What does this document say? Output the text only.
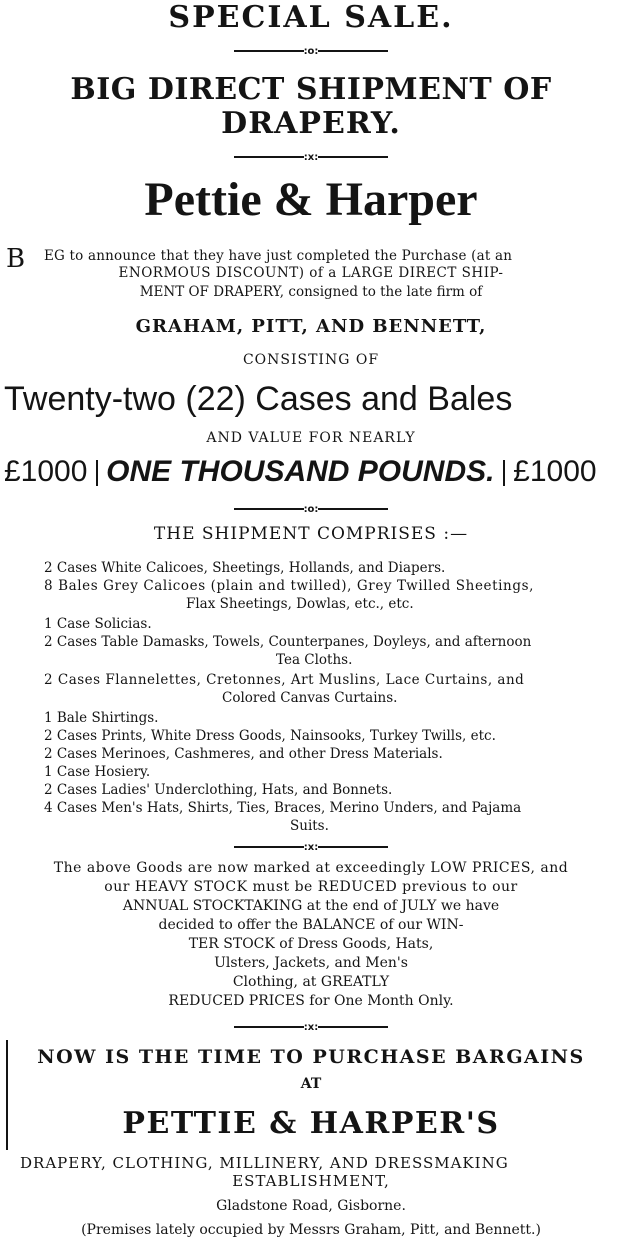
SPECIAL SALE.
:o:
BIG DIRECT SHIPMENT OF
DRAPERY.
:x:
Pettie & Harper
B EG to announce that they have just completed the Purchase (at an
ENORMOUS DISCOUNT) of a LARGE DIRECT SHIP-
MENT OF DRAPERY, consigned to the late firm of
GRAHAM, PITT, AND BENNETT,
CONSISTING OF
Twenty-two (22) Cases and Bales
AND VALUE FOR NEARLY
£1000 ONE THOUSAND POUNDS. £1000
:o:
THE SHIPMENT COMPRISES :—
2 Cases White Calicoes, Sheetings, Hollands, and Diapers.
8 Bales Grey Calicoes (plain and twilled), Grey Twilled Sheetings,
Flax Sheetings, Dowlas, etc., etc.
1 Case Solicias.
2 Cases Table Damasks, Towels, Counterpanes, Doyleys, and afternoon
Tea Cloths.
2 Cases Flannelettes, Cretonnes, Art Muslins, Lace Curtains, and
Colored Canvas Curtains.
1 Bale Shirtings.
2 Cases Prints, White Dress Goods, Nainsooks, Turkey Twills, etc.
2 Cases Merinoes, Cashmeres, and other Dress Materials.
1 Case Hosiery.
2 Cases Ladies' Underclothing, Hats, and Bonnets.
4 Cases Men's Hats, Shirts, Ties, Braces, Merino Unders, and Pajama
Suits.
:x:
The above Goods are now marked at exceedingly LOW PRICES, and
our HEAVY STOCK must be REDUCED previous to our
ANNUAL STOCKTAKING at the end of JULY we have
decided to offer the BALANCE of our WIN-
TER STOCK of Dress Goods, Hats,
Ulsters, Jackets, and Men's
Clothing, at GREATLY
REDUCED PRICES for One Month Only.
:x:
NOW IS THE TIME TO PURCHASE BARGAINS
AT
PETTIE & HARPER'S
DRAPERY, CLOTHING, MILLINERY, AND DRESSMAKING
ESTABLISHMENT,
Gladstone Road, Gisborne.
(Premises lately occupied by Messrs Graham, Pitt, and Bennett.)
